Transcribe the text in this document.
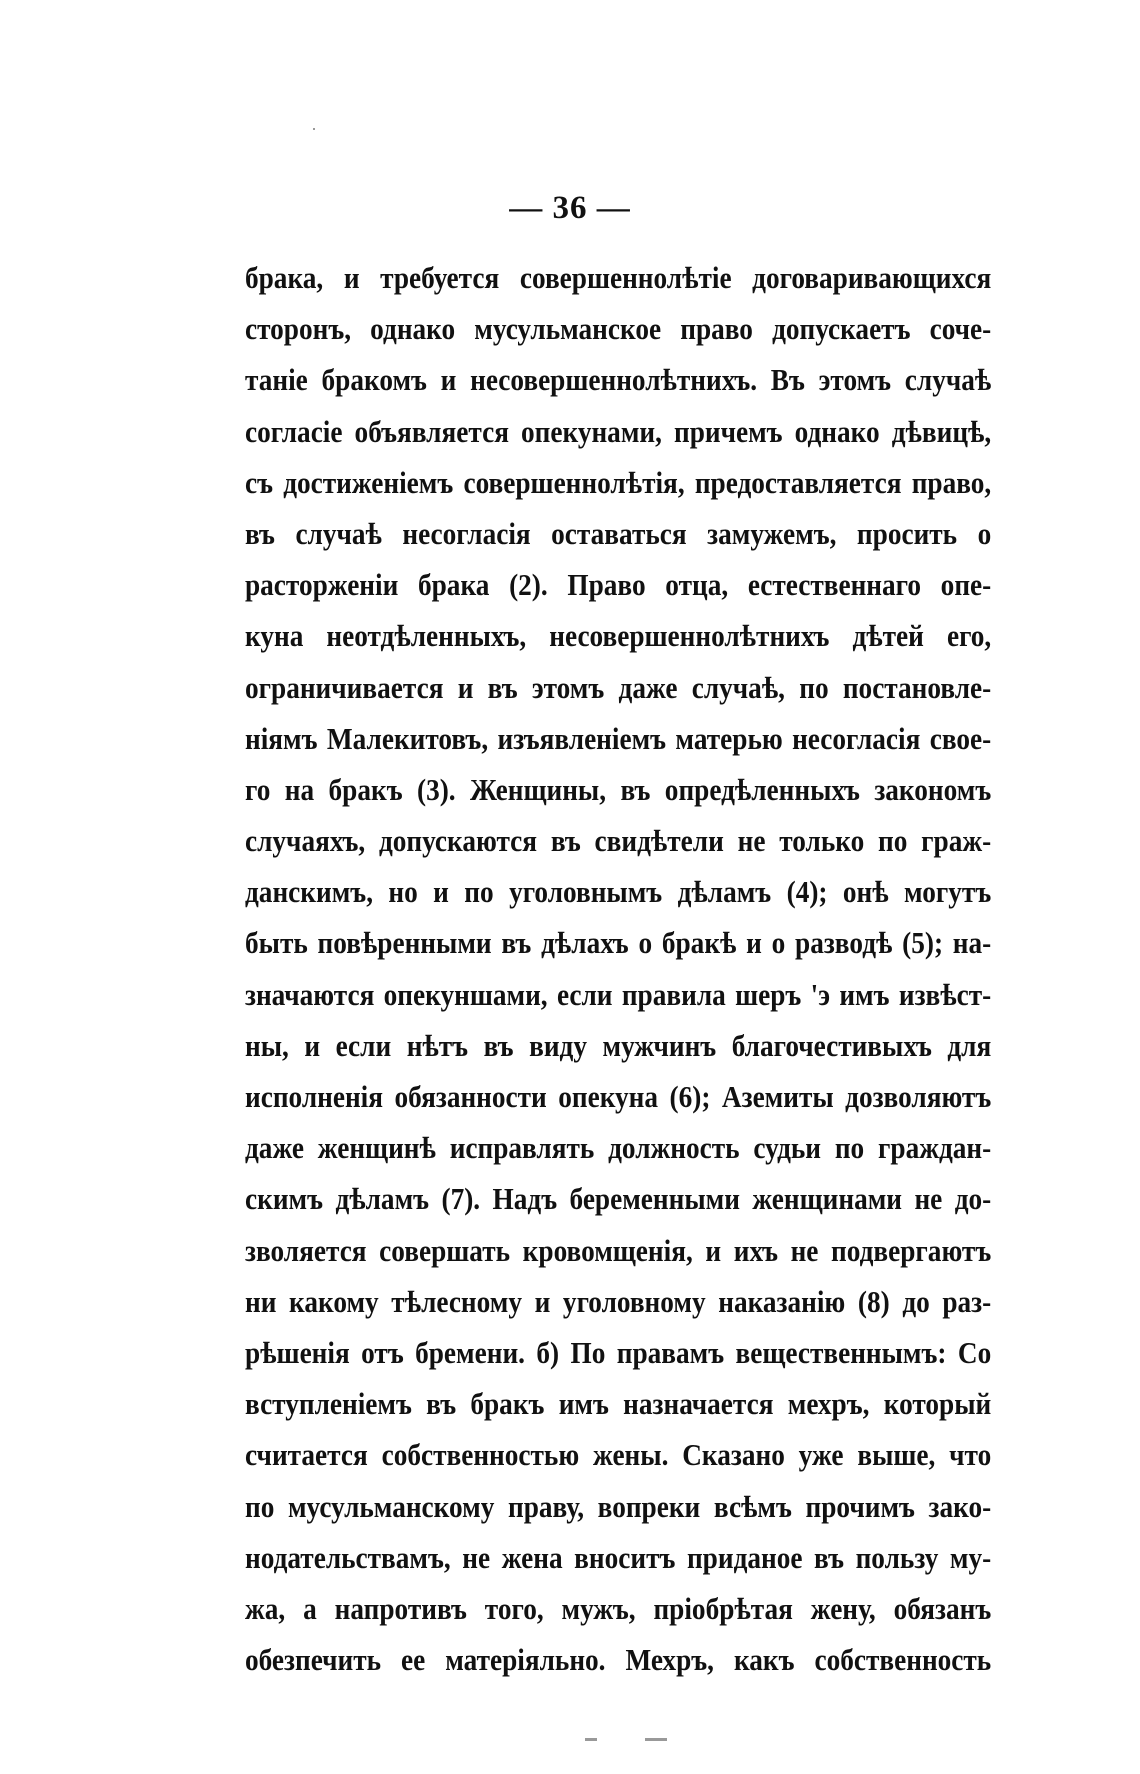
— 36 —
брака, и требуется совершеннолѣтіе договаривающихся
сторонъ, однако мусульманское право допускаетъ соче-
таніе бракомъ и несовершеннолѣтнихъ. Въ этомъ случаѣ
согласіе объявляется опекунами, причемъ однако дѣвицѣ,
съ достиженіемъ совершеннолѣтія, предоставляется право,
въ случаѣ несогласія оставаться замужемъ, просить о
расторженіи брака (2). Право отца, естественнаго опе-
куна неотдѣленныхъ, несовершеннолѣтнихъ дѣтей его,
ограничивается и въ этомъ даже случаѣ, по постановле-
ніямъ Малекитовъ, изъявленіемъ матерью несогласія свое-
го на бракъ (3). Женщины, въ опредѣленныхъ закономъ
случаяхъ, допускаются въ свидѣтели не только по граж-
данскимъ, но и по уголовнымъ дѣламъ (4); онѣ могутъ
быть повѣренными въ дѣлахъ о бракѣ и о разводѣ (5); на-
значаются опекуншами, если правила шеръ 'э имъ извѣст-
ны, и если нѣтъ въ виду мужчинъ благочестивыхъ для
исполненія обязанности опекуна (6); Аземиты дозволяютъ
даже женщинѣ исправлять должность судьи по граждан-
скимъ дѣламъ (7). Надъ беременными женщинами не до-
зволяется совершать кровомщенія, и ихъ не подвергаютъ
ни какому тѣлесному и уголовному наказанію (8) до раз-
рѣшенія отъ бремени. б) По правамъ вещественнымъ: Со
вступленіемъ въ бракъ имъ назначается мехръ, который
считается собственностью жены. Сказано уже выше, что
по мусульманскому праву, вопреки всѣмъ прочимъ зако-
нодательствамъ, не жена вноситъ приданое въ пользу му-
жа, а напротивъ того, мужъ, пріобрѣтая жену, обязанъ
обезпечить ее матеріяльно. Мехръ, какъ собственность
